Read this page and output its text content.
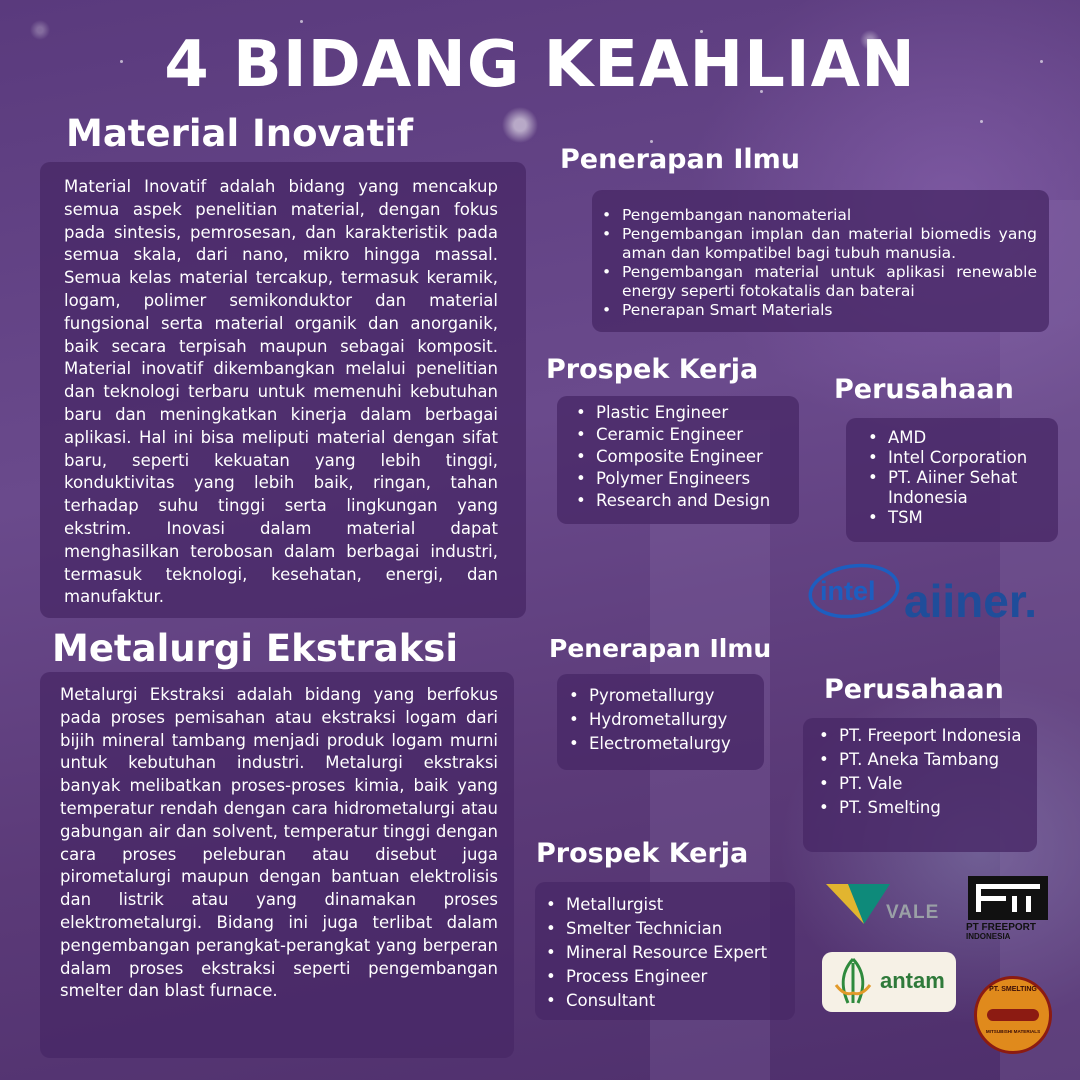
4 BIDANG KEAHLIAN
Material Inovatif

Material Inovatif adalah bidang yang mencakup semua aspek penelitian material, dengan fokus pada sintesis, pemrosesan, dan karakteristik pada semua skala, dari nano, mikro hingga massal. Semua kelas material tercakup, termasuk keramik, logam, polimer semikonduktor dan material fungsional serta material organik dan anorganik, baik secara terpisah maupun sebagai komposit. Material inovatif dikembangkan melalui penelitian dan teknologi terbaru untuk memenuhi kebutuhan baru dan meningkatkan kinerja dalam berbagai aplikasi. Hal ini bisa meliputi material dengan sifat baru, seperti kekuatan yang lebih tinggi, konduktivitas yang lebih baik, ringan, tahan terhadap suhu tinggi serta lingkungan yang ekstrim. Inovasi dalam material dapat menghasilkan terobosan dalam berbagai industri, termasuk teknologi, kesehatan, energi, dan manufaktur.

Penerapan Ilmu
• Pengembangan nanomaterial
• Pengembangan implan dan material biomedis yang aman dan kompatibel bagi tubuh manusia.
• Pengembangan material untuk aplikasi renewable energy seperti fotokatalis dan baterai
• Penerapan Smart Materials
Prospek Kerja
• Plastic Engineer
• Ceramic Engineer
• Composite Engineer
• Polymer Engineers
• Research and Design
Perusahaan
• AMD
• Intel Corporation
• PT. Aiiner Sehat Indonesia
• TSM
intel aiiner.
Metalurgi Ekstraksi

Metalurgi Ekstraksi adalah bidang yang berfokus pada proses pemisahan atau ekstraksi logam dari bijih mineral tambang menjadi produk logam murni untuk kebutuhan industri. Metalurgi ekstraksi banyak melibatkan proses-proses kimia, baik yang temperatur rendah dengan cara hidrometalurgi atau gabungan air dan solvent, temperatur tinggi dengan cara proses peleburan atau disebut juga pirometalurgi maupun dengan bantuan elektrolisis dan listrik atau yang dinamakan proses elektrometalurgi. Bidang ini juga terlibat dalam pengembangan perangkat-perangkat yang berperan dalam proses ekstraksi seperti pengembangan smelter dan blast furnace.

Penerapan Ilmu
• Pyrometallurgy
• Hydrometallurgy
• Electrometalurgy
Perusahaan
• PT. Freeport Indonesia
• PT. Aneka Tambang
• PT. Vale
• PT. Smelting
Prospek Kerja
• Metallurgist
• Smelter Technician
• Mineral Resource Expert
• Process Engineer
• Consultant
VALE
PT FREEPORT
INDONESIA
antam	PT. SMELTING
MITSUBISHI MATERIALS
